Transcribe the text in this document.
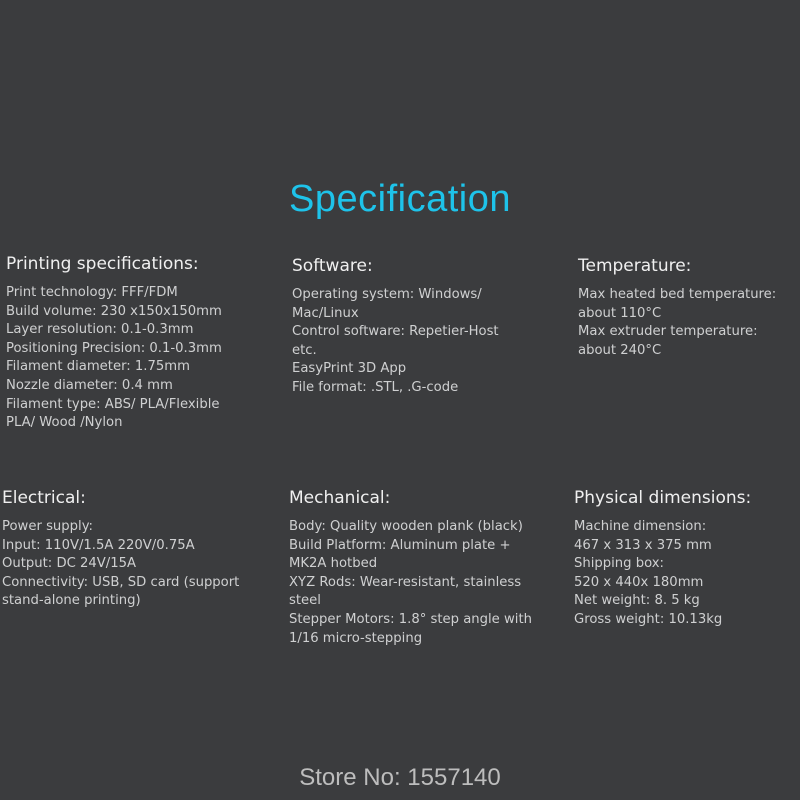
Specification
Printing specifications:
Print technology: FFF/FDM
Build volume: 230 x150x150mm
Layer resolution: 0.1-0.3mm
Positioning Precision: 0.1-0.3mm
Filament diameter: 1.75mm
Nozzle diameter: 0.4 mm
Filament type: ABS/ PLA/Flexible
PLA/ Wood /Nylon
Software:
Operating system: Windows/
Mac/Linux
Control software: Repetier-Host
etc.
EasyPrint 3D App
File format: .STL, .G-code
Temperature:
Max heated bed temperature:
about 110°C
Max extruder temperature:
about 240°C
Electrical:
Power supply:
Input: 110V/1.5A 220V/0.75A
Output: DC 24V/15A
Connectivity: USB, SD card (support
stand-alone printing)
Mechanical:
Body: Quality wooden plank (black)
Build Platform: Aluminum plate +
MK2A hotbed
XYZ Rods: Wear-resistant, stainless
steel
Stepper Motors: 1.8° step angle with
1/16 micro-stepping
Physical dimensions:
Machine dimension:
467 x 313 x 375 mm
Shipping box:
520 x 440x 180mm
Net weight: 8. 5 kg
Gross weight: 10.13kg
Store No: 1557140
